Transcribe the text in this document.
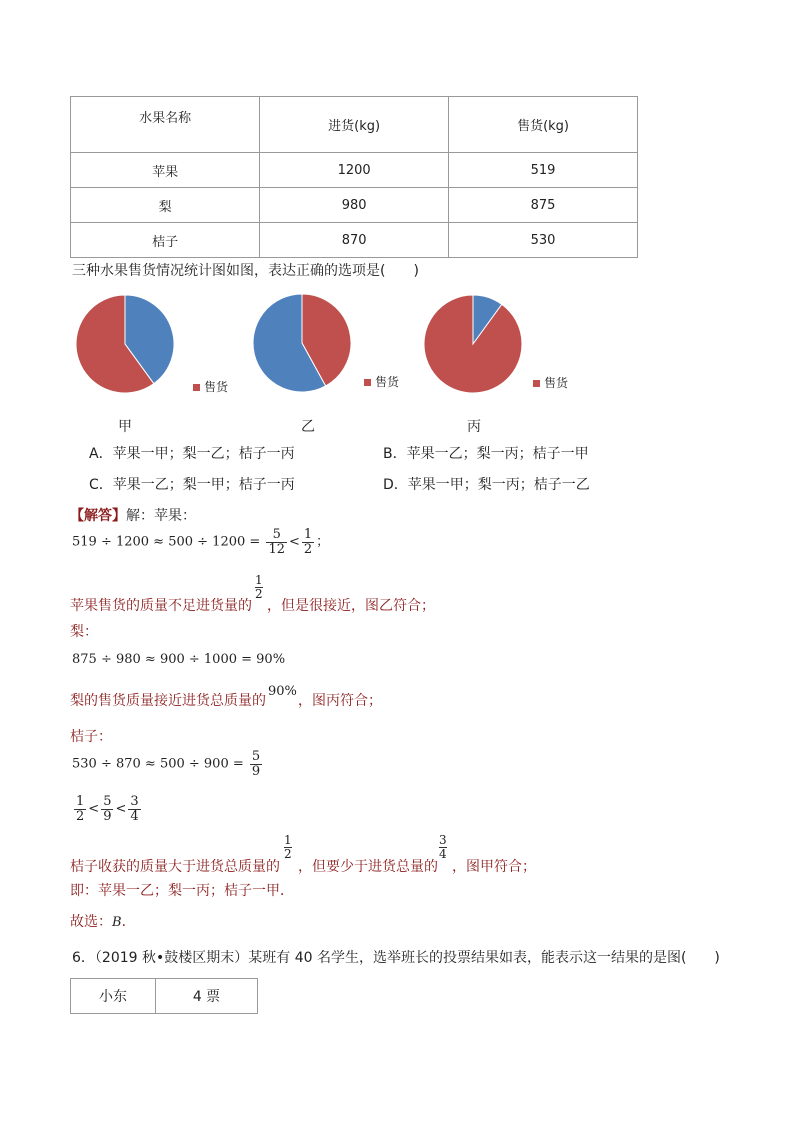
水果名称	进货(kg)	售货(kg)
苹果	1200	519
梨	980	875
桔子	870	530
三种水果售货情况统计图如图，表达正确的选项是(　　)
售货	售货	售货
甲	乙	丙
A．苹果一甲；梨一乙；桔子一丙	B．苹果一乙；梨一丙；桔子一甲
C．苹果一乙；梨一甲；桔子一丙	D．苹果一甲；梨一丙；桔子一乙
【解答】解：苹果：
$519 \div 1200 \approx 500 \div 1200 = \frac{5}{12} < \frac{1}{2}$ ；
1
2
苹果售货的质量不足进货量的 ，但是很接近，图乙符合；
梨：
875 ÷ 980 ≈ 900 ÷ 1000 = 90%
梨的售货质量接近进货总质量的
90%
，图丙符合；
桔子：
$530 \div 870 \approx 500 \div 900 = \frac{5}{9}$
$\frac{1}{2} < \frac{5}{9} < \frac{3}{4}$
1
2
3
4
桔子收获的质量大于进货总质量的 ，但要少于进货总量的 ，图甲符合；
即：苹果一乙；梨一丙；桔子一甲．
故选：B．
6．（2019 秋•鼓楼区期末）某班有 40 名学生，选举班长的投票结果如表，能表示这一结果的是图(　　)
小东	4 票
